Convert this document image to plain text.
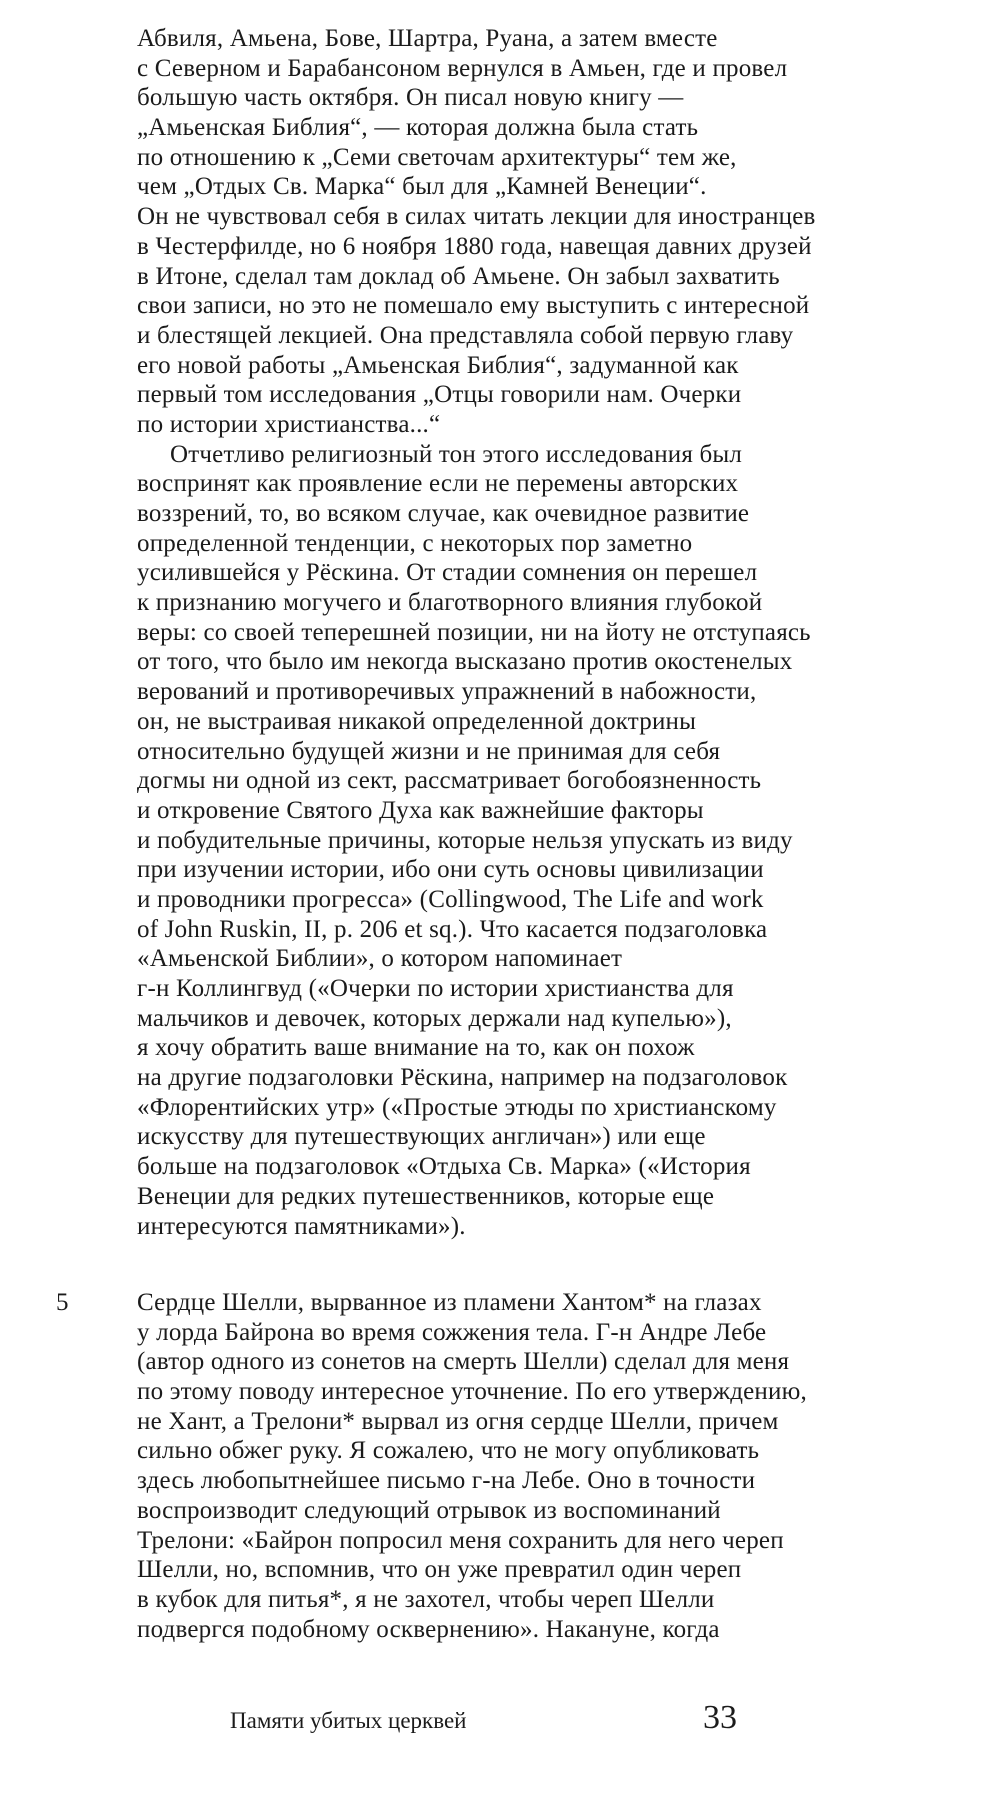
Абвиля, Амьена, Бове, Шартра, Руана, а затем вместе
с Северном и Барабансоном вернулся в Амьен, где и провел
большую часть октября. Он писал новую книгу —
„Амьенская Библия“, — которая должна была стать
по отношению к „Семи светочам архитектуры“ тем же,
чем „Отдых Св. Марка“ был для „Камней Венеции“.
Он не чувствовал себя в силах читать лекции для иностранцев
в Честерфилде, но 6 ноября 1880 года, навещая давних друзей
в Итоне, сделал там доклад об Амьене. Он забыл захватить
свои записи, но это не помешало ему выступить с интересной
и блестящей лекцией. Она представляла собой первую главу
его новой работы „Амьенская Библия“, задуманной как
первый том исследования „Отцы говорили нам. Очерки
по истории христианства...“
Отчетливо религиозный тон этого исследования был
воспринят как проявление если не перемены авторских
воззрений, то, во всяком случае, как очевидное развитие
определенной тенденции, с некоторых пор заметно
усилившейся у Рёскина. От стадии сомнения он перешел
к признанию могучего и благотворного влияния глубокой
веры: со своей теперешней позиции, ни на йоту не отступаясь
от того, что было им некогда высказано против окостенелых
верований и противоречивых упражнений в набожности,
он, не выстраивая никакой определенной доктрины
относительно будущей жизни и не принимая для себя
догмы ни одной из сект, рассматривает богобоязненность
и откровение Святого Духа как важнейшие факторы
и побудительные причины, которые нельзя упускать из виду
при изучении истории, ибо они суть основы цивилизации
и проводники прогресса» (Collingwood, The Life and work
of John Ruskin, II, p. 206 et sq.). Что касается подзаголовка
«Амьенской Библии», о котором напоминает
г-н Коллингвуд («Очерки по истории христианства для
мальчиков и девочек, которых держали над купелью»),
я хочу обратить ваше внимание на то, как он похож
на другие подзаголовки Рёскина, например на подзаголовок
«Флорентийских утр» («Простые этюды по христианскому
искусству для путешествующих англичан») или еще
больше на подзаголовок «Отдыха Св. Марка» («История
Венеции для редких путешественников, которые еще
интересуются памятниками»).
5	Сердце Шелли, вырванное из пламени Хантом* на глазах
у лорда Байрона во время сожжения тела. Г-н Андре Лебе
(автор одного из сонетов на смерть Шелли) сделал для меня
по этому поводу интересное уточнение. По его утверждению,
не Хант, а Трелони* вырвал из огня сердце Шелли, причем
сильно обжег руку. Я сожалею, что не могу опубликовать
здесь любопытнейшее письмо г-на Лебе. Оно в точности
воспроизводит следующий отрывок из воспоминаний
Трелони: «Байрон попросил меня сохранить для него череп
Шелли, но, вспомнив, что он уже превратил один череп
в кубок для питья*, я не захотел, чтобы череп Шелли
подвергся подобному осквернению». Накануне, когда
Памяти убитых церквей	33
